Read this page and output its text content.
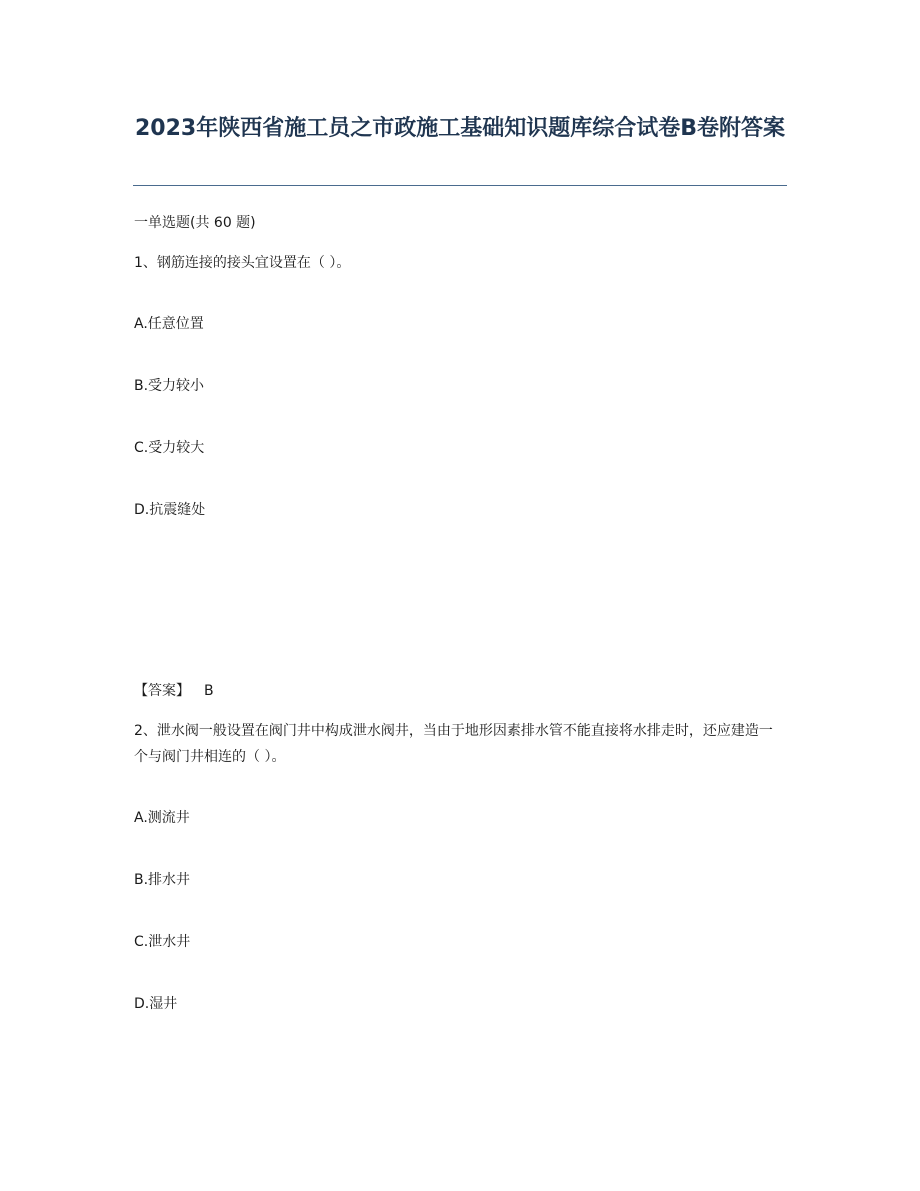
2023年陕西省施工员之市政施工基础知识题库综合试卷B卷附答案
一单选题(共 60 题)
1、钢筋连接的接头宜设置在（ ）。
A.任意位置
B.受力较小
C.受力较大
D.抗震缝处
【答案】 B
2、泄水阀一般设置在阀门井中构成泄水阀井，当由于地形因素排水管不能直接将水排走时，还应建造一个与阀门井相连的（ ）。
A.测流井
B.排水井
C.泄水井
D.湿井
